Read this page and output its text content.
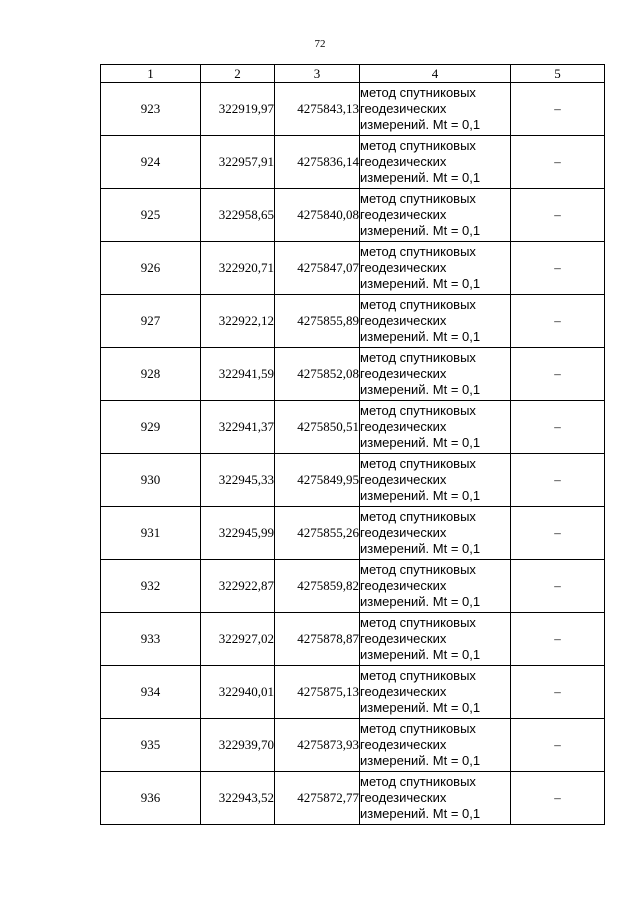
72
1	2	3	4	5
923	322919,97	4275843,13	метод спутниковых
геодезических
измерений. Mt = 0,1	–
924	322957,91	4275836,14	метод спутниковых
геодезических
измерений. Mt = 0,1	–
925	322958,65	4275840,08	метод спутниковых
геодезических
измерений. Mt = 0,1	–
926	322920,71	4275847,07	метод спутниковых
геодезических
измерений. Mt = 0,1	–
927	322922,12	4275855,89	метод спутниковых
геодезических
измерений. Mt = 0,1	–
928	322941,59	4275852,08	метод спутниковых
геодезических
измерений. Mt = 0,1	–
929	322941,37	4275850,51	метод спутниковых
геодезических
измерений. Mt = 0,1	–
930	322945,33	4275849,95	метод спутниковых
геодезических
измерений. Mt = 0,1	–
931	322945,99	4275855,26	метод спутниковых
геодезических
измерений. Mt = 0,1	–
932	322922,87	4275859,82	метод спутниковых
геодезических
измерений. Mt = 0,1	–
933	322927,02	4275878,87	метод спутниковых
геодезических
измерений. Mt = 0,1	–
934	322940,01	4275875,13	метод спутниковых
геодезических
измерений. Mt = 0,1	–
935	322939,70	4275873,93	метод спутниковых
геодезических
измерений. Mt = 0,1	–
936	322943,52	4275872,77	метод спутниковых
геодезических
измерений. Mt = 0,1	–
